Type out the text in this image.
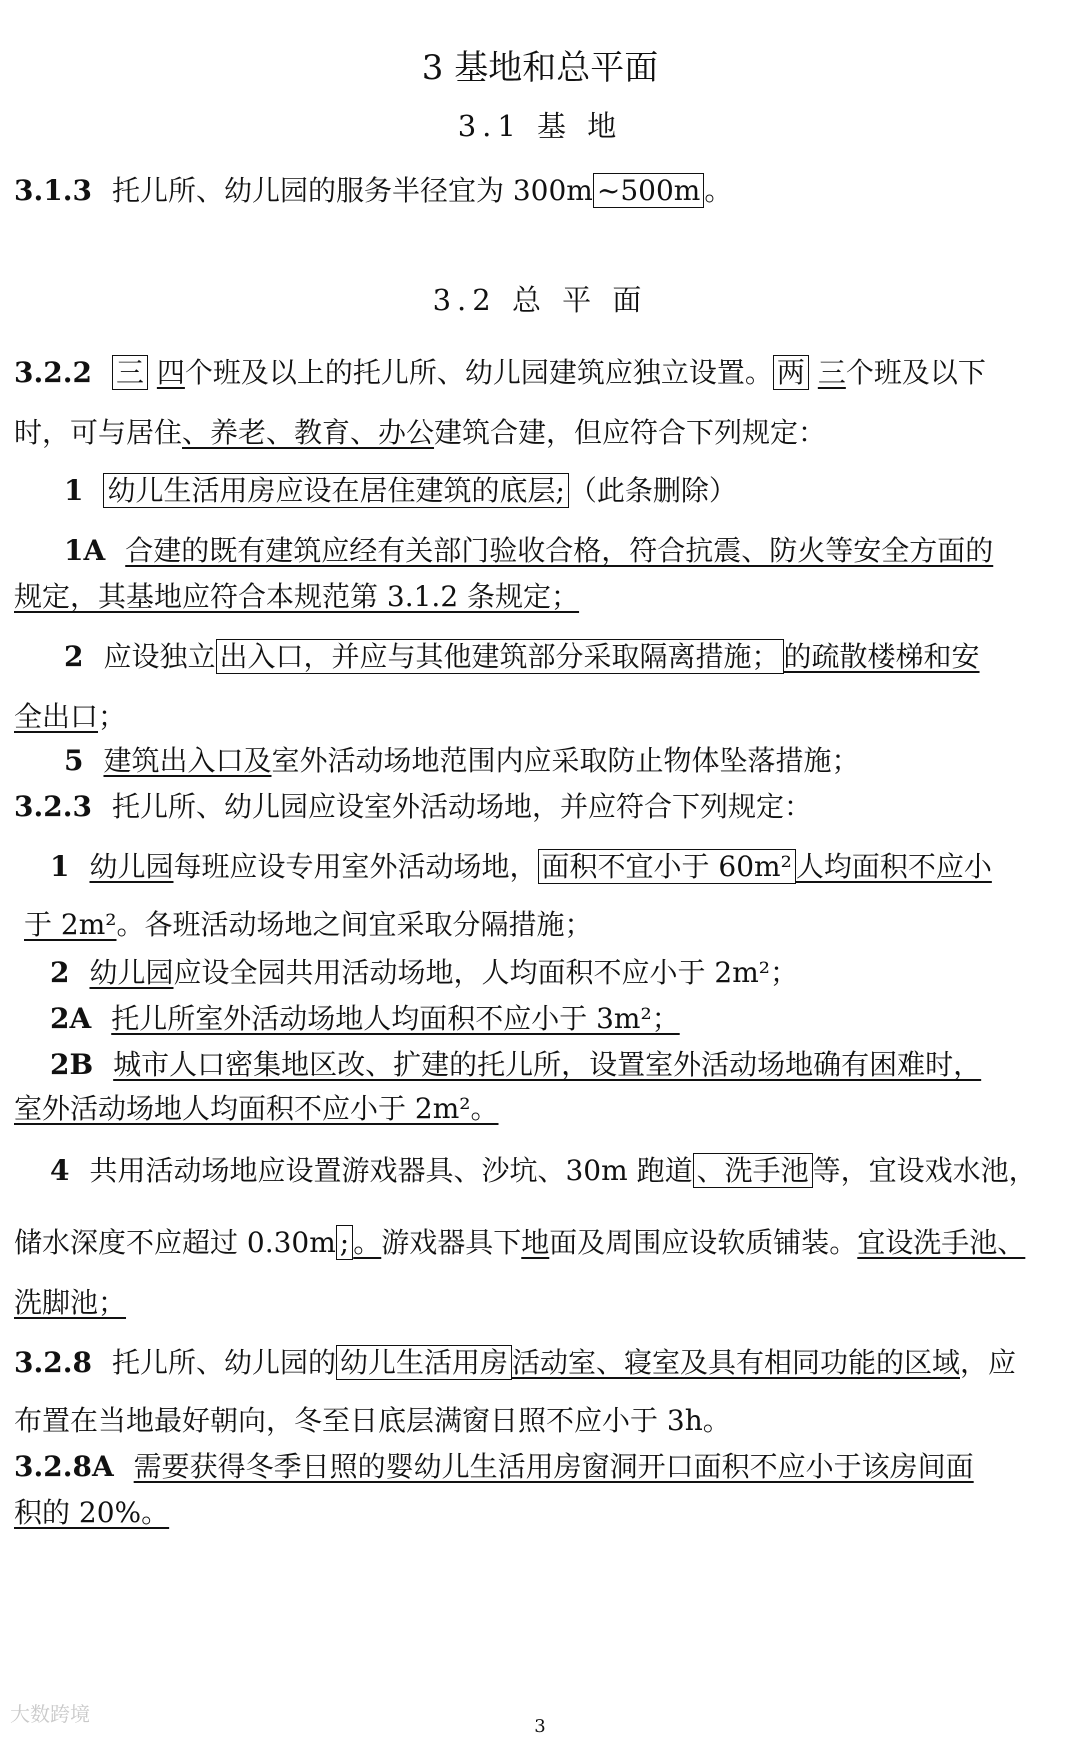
3 基地和总平面
3.1 基 地
3.1.3 托儿所、幼儿园的服务半径宜为 300m ~500m 。
3.2 总 平 面
3.2.2 三 四个班及以上的托儿所、幼儿园建筑应独立设置。 两 三个班及以下
时，可与居住、养老、教育、办公建筑合建，但应符合下列规定：
1 幼儿生活用房应设在居住建筑的底层; （此条删除）
1A 合建的既有建筑应经有关部门验收合格，符合抗震、防火等安全方面的
规定，其基地应符合本规范第 3.1.2 条规定；
2 应设独立 出入口，并应与其他建筑部分采取隔离措施； 的疏散楼梯和安
全出口；
5 建筑出入口及室外活动场地范围内应采取防止物体坠落措施；
3.2.3 托儿所、幼儿园应设室外活动场地，并应符合下列规定：
1 幼儿园每班应设专用室外活动场地， 面积不宜小于 60m² 人均面积不应小
于 2m²。各班活动场地之间宜采取分隔措施；
2 幼儿园应设全园共用活动场地，人均面积不应小于 2m²；
2A 托儿所室外活动场地人均面积不应小于 3m²；
2B 城市人口密集地区改、扩建的托儿所，设置室外活动场地确有困难时，
室外活动场地人均面积不应小于 2m²。
4 共用活动场地应设置游戏器具、沙坑、30m 跑道 、洗手池 等，宜设戏水池，
储水深度不应超过 0.30m ; 。游戏器具下地面及周围应设软质铺装。宜设洗手池、
洗脚池；
3.2.8 托儿所、幼儿园的 幼儿生活用房 活动室、寝室及具有相同功能的区域，应
布置在当地最好朝向，冬至日底层满窗日照不应小于 3h。
3.2.8A 需要获得冬季日照的婴幼儿生活用房窗洞开口面积不应小于该房间面
积的 20%。
大数跨境
3
